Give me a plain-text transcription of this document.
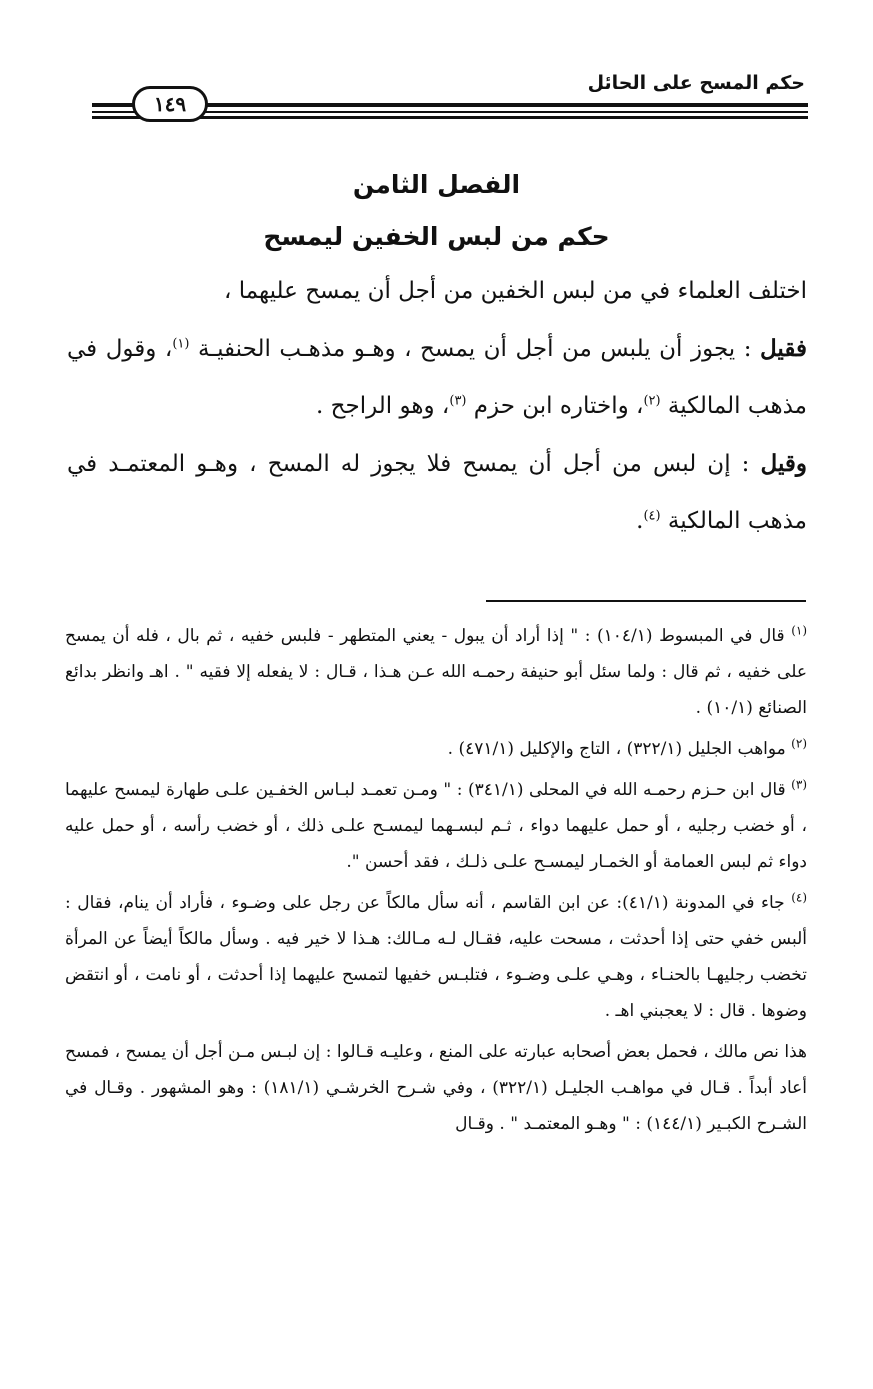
حكم المسح على الحائل
١٤٩
الفصل الثامن
حكم من لبس الخفين ليمسح

اختلف العلماء في من لبس الخفين من أجل أن يمسح عليهما ،

فقيل : يجوز أن يلبس من أجل أن يمسح ، وهـو مذهـب الحنفيـة $^{(١)}$، وقول في مذهب المالكية $^{(٢)}$، واختاره ابن حزم $^{(٣)}$، وهو الراجح .

وقيل : إن لبس من أجل أن يمسح فلا يجوز له المسح ، وهـو المعتمـد في مذهب المالكية $^{(٤)}$.

$^{(١)}$ قال في المبسوط (١٠٤/١) : " إذا أراد أن يبول - يعني المتطهر - فلبس خفيه ، ثم بال ، فله أن يمسح على خفيه ، ثم قال : ولما سئل أبو حنيفة رحمـه الله عـن هـذا ، قـال : لا يفعله إلا فقيه " . اهـ وانظر بدائع الصنائع (١٠/١) .

$^{(٢)}$ مواهب الجليل (٣٢٢/١) ، التاج والإكليل (٤٧١/١) .

$^{(٣)}$ قال ابن حـزم رحمـه الله في المحلى (٣٤١/١) : " ومـن تعمـد لبـاس الخفـين علـى طهارة ليمسح عليهما ، أو خضب رجليه ، أو حمل عليهما دواء ، ثـم لبسـهما ليمسـح علـى ذلك ، أو خضب رأسه ، أو حمل عليه دواء ثم لبس العمامة أو الخمـار ليمسـح علـى ذلـك ، فقد أحسن ".

$^{(٤)}$ جاء في المدونة (٤١/١): عن ابن القاسم ، أنه سأل مالكاً عن رجل على وضـوء ، فأراد أن ينام، فقال : ألبس خفي حتى إذا أحدثت ، مسحت عليه، فقـال لـه مـالك: هـذا لا خير فيه . وسأل مالكاً أيضاً عن المرأة تخضب رجليهـا بالحنـاء ، وهـي علـى وضـوء ، فتلبـس خفيها لتمسح عليهما إذا أحدثت ، أو نامت ، أو انتقض وضوها . قال : لا يعجبني اهـ .

هذا نص مالك ، فحمل بعض أصحابه عبارته على المنع ، وعليـه قـالوا : إن لبـس مـن أجل أن يمسح ، فمسح أعاد أبداً . قـال في مواهـب الجليـل (٣٢٢/١) ، وفي شـرح الخرشـي (١٨١/١) : وهو المشهور . وقـال في الشـرح الكبـير (١٤٤/١) : " وهـو المعتمـد " . وقـال
